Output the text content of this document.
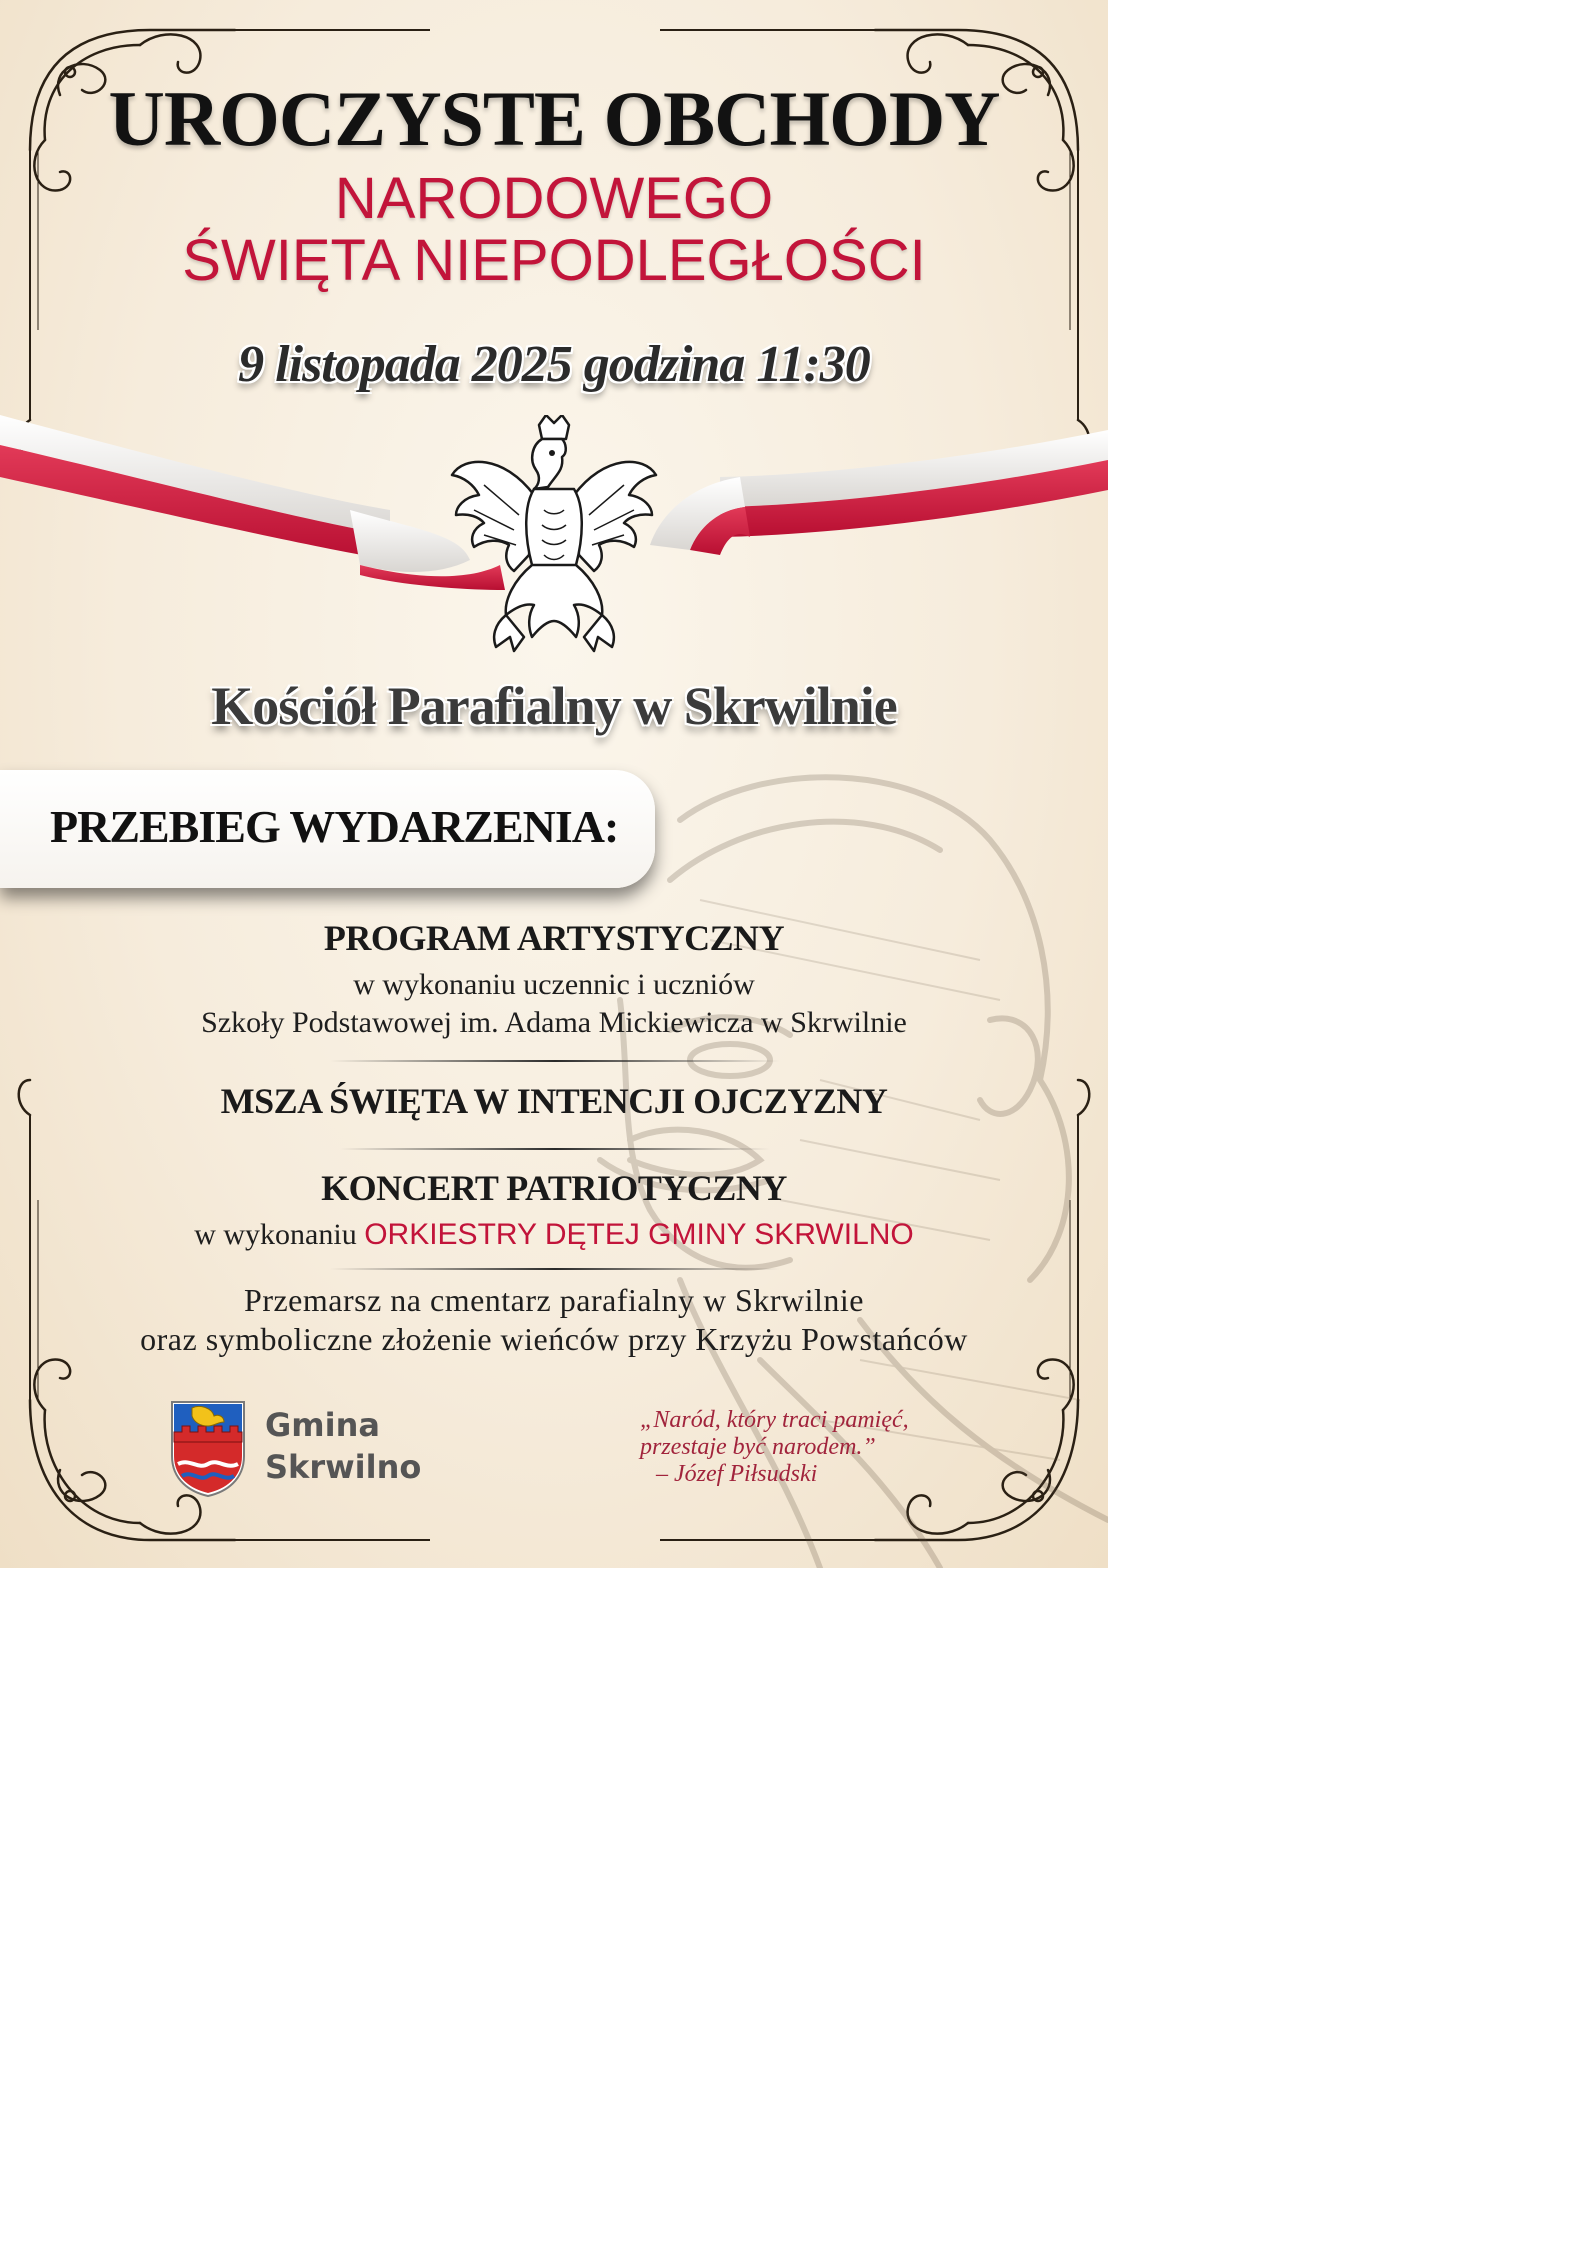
UROCZYSTE OBCHODY
NARODOWEGO
ŚWIĘTA NIEPODLEGŁOŚCI
9 listopada 2025 godzina 11:30
Kościół Parafialny w Skrwilnie
PRZEBIEG WYDARZENIA:
PROGRAM ARTYSTYCZNY
w wykonaniu uczennic i uczniów
Szkoły Podstawowej im. Adama Mickiewicza w Skrwilnie
MSZA ŚWIĘTA W INTENCJI OJCZYZNY
KONCERT PATRIOTYCZNY
w wykonaniu ORKIESTRY DĘTEJ GMINY SKRWILNO
Przemarsz na cmentarz parafialny w Skrwilnie
oraz symboliczne złożenie wieńców przy Krzyżu Powstańców
Gmina
Skrwilno
„Naród, który traci pamięć,
przestaje być narodem.”
– Józef Piłsudski
